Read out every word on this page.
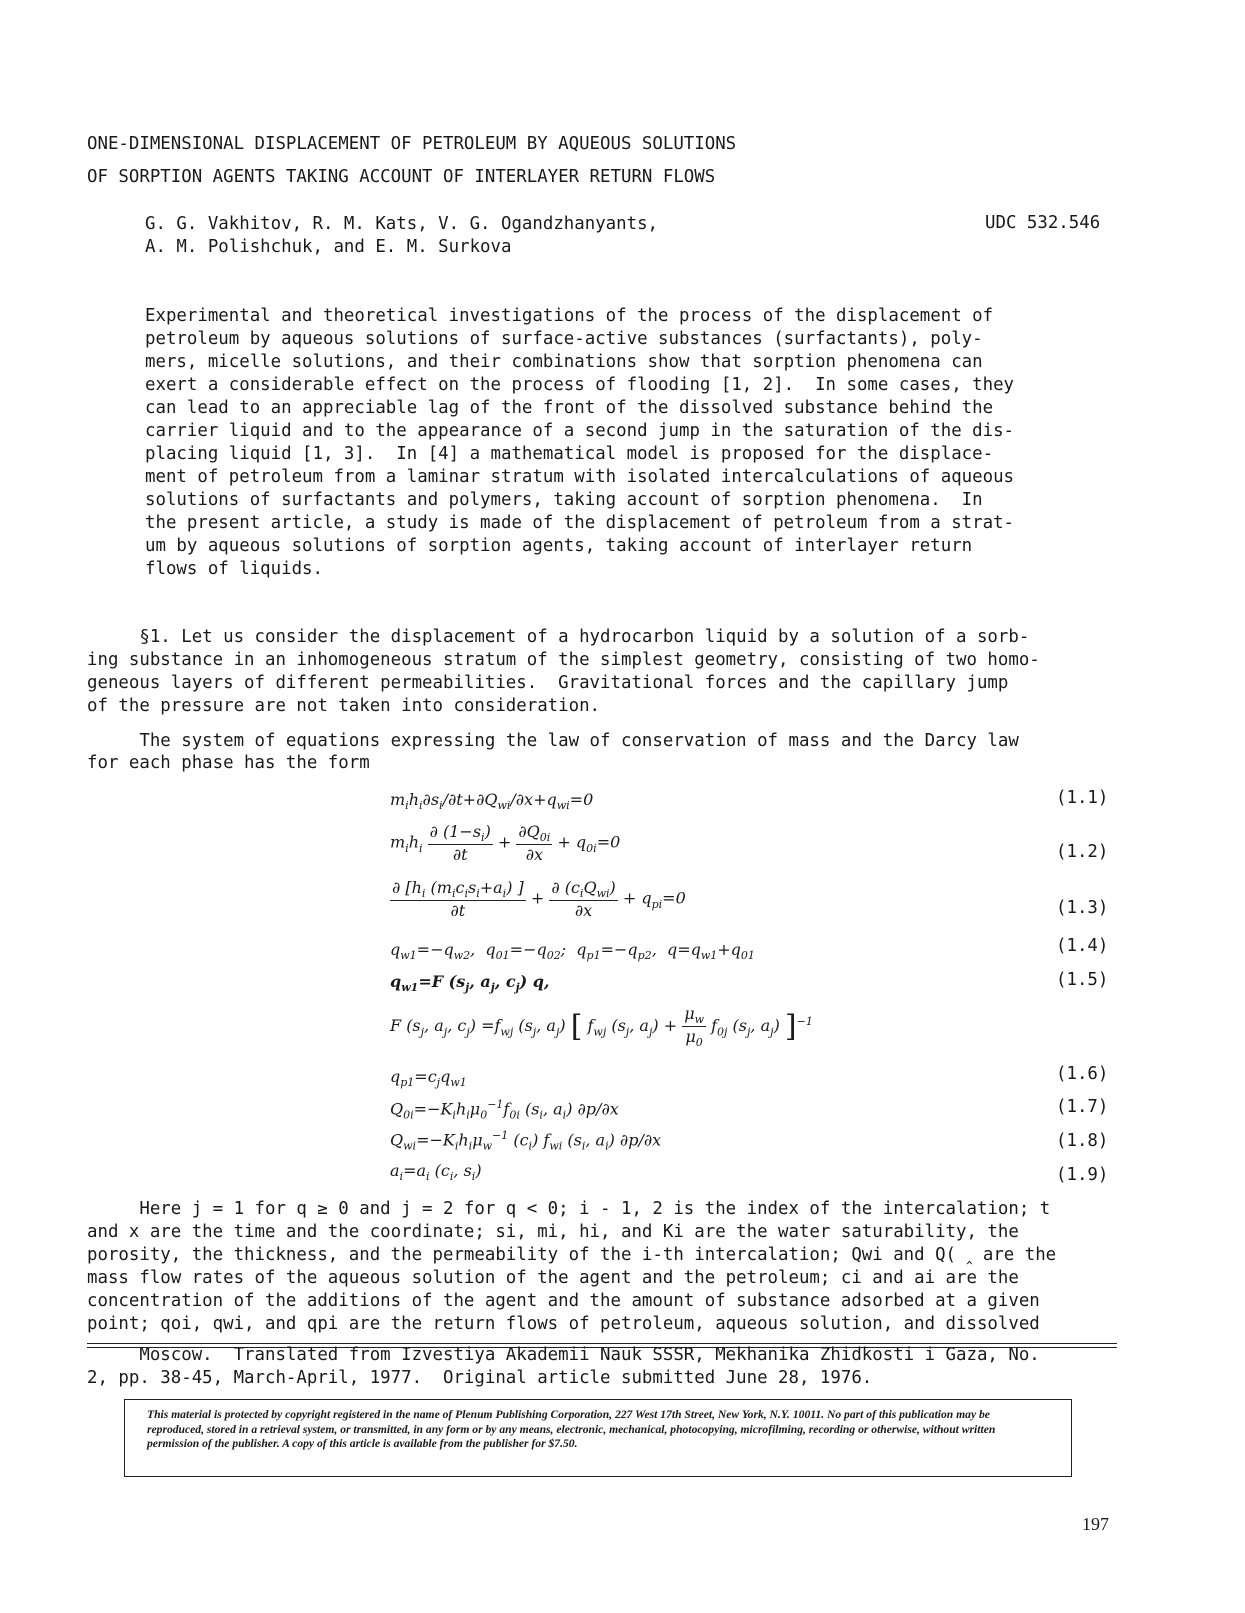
ONE-DIMENSIONAL DISPLACEMENT OF PETROLEUM BY AQUEOUS SOLUTIONS
OF SORPTION AGENTS TAKING ACCOUNT OF INTERLAYER RETURN FLOWS
G. G. Vakhitov, R. M. Kats, V. G. Ogandzhanyants,
A. M. Polishchuk, and E. M. Surkova
UDC 532.546
Experimental and theoretical investigations of the process of the displacement of
petroleum by aqueous solutions of surface-active substances (surfactants), poly-
mers, micelle solutions, and their combinations show that sorption phenomena can
exert a considerable effect on the process of flooding [1, 2].  In some cases, they
can lead to an appreciable lag of the front of the dissolved substance behind the
carrier liquid and to the appearance of a second jump in the saturation of the dis-
placing liquid [1, 3].  In [4] a mathematical model is proposed for the displace-
ment of petroleum from a laminar stratum with isolated intercalculations of aqueous
solutions of surfactants and polymers, taking account of sorption phenomena.  In
the present article, a study is made of the displacement of petroleum from a strat-
um by aqueous solutions of sorption agents, taking account of interlayer return
flows of liquids.
§1. Let us consider the displacement of a hydrocarbon liquid by a solution of a sorb-
ing substance in an inhomogeneous stratum of the simplest geometry, consisting of two homo-
geneous layers of different permeabilities.  Gravitational forces and the capillary jump
of the pressure are not taken into consideration.
The system of equations expressing the law of conservation of mass and the Darcy law
for each phase has the form
$m_ih_i\partial s_i/\partial t+\partial Q_{wi}/\partial x+q_{wi}=0$	(1.1)
$m_ih_i \frac{\partial (1-s_i)}{\partial t} + \frac{\partial Q_{0i}}{\partial x} + q_{0i}=0$	(1.2)
$\frac{\partial [h_i (m_ic_is_i+a_i) ]}{\partial t} + \frac{\partial (c_iQ_{wi})}{\partial x} + q_{pi}=0$	(1.3)
$q_{w1}=-q_{w2}$,  $q_{01}=-q_{02}$;  $q_{p1}=-q_{p2}$,  $q=q_{w1}+q_{01}$	(1.4)
$q_{w1}=F$ ($s_j$, $a_j$, $c_j$) q,	(1.5)
F ($s_j$, $a_j$, $c_j) =f_{wj}$ ($s_j$, $a_j$) [ $f_{wj}$ ($s_j$, $a_j) + \frac{\mu_w}{\mu_0} f_{0j}$ ($s_j$, $a_j$) ]$^{-1}$
$q_{p1}=c_jq_{w1}$	(1.6)
$Q_{0i}=-K_ih_i\mu_0^{-1}f_{0i}$ ($s_i$, $a_i$) ∂p/∂x	(1.7)
$Q_{wi}=-K_ih_i\mu_w^{-1}$ $(c_i)$ $f_{wi}$ ($s_i$, $a_i$) ∂p/∂x	(1.8)
$a_i=a_i$ ($c_i$, $s_i$)	(1.9)
Here j = 1 for q ≥ 0 and j = 2 for q < 0; i - 1, 2 is the index of the intercalation; t
and x are the time and the coordinate; si, mi, hi, and Ki are the water saturability, the
porosity, the thickness, and the permeability of the i-th intercalation; Qwi and Q( ‸ are the
mass flow rates of the aqueous solution of the agent and the petroleum; ci and ai are the
concentration of the additions of the agent and the amount of substance adsorbed at a given
point; qoi, qwi, and qpi are the return flows of petroleum, aqueous solution, and dissolved
Moscow.  Translated from Izvestiya Akademii Nauk SSSR, Mekhanika Zhidkosti i Gaza, No.
2, pp. 38-45, March-April, 1977.  Original article submitted June 28, 1976.
This material is protected by copyright registered in the name of Plenum Publishing Corporation, 227 West 17th Street, New York, N.Y. 10011. No part of this publication may be reproduced, stored in a retrieval system, or transmitted, in any form or by any means, electronic, mechanical, photocopying, microfilming, recording or otherwise, without written permission of the publisher. A copy of this article is available from the publisher for $7.50.
197
